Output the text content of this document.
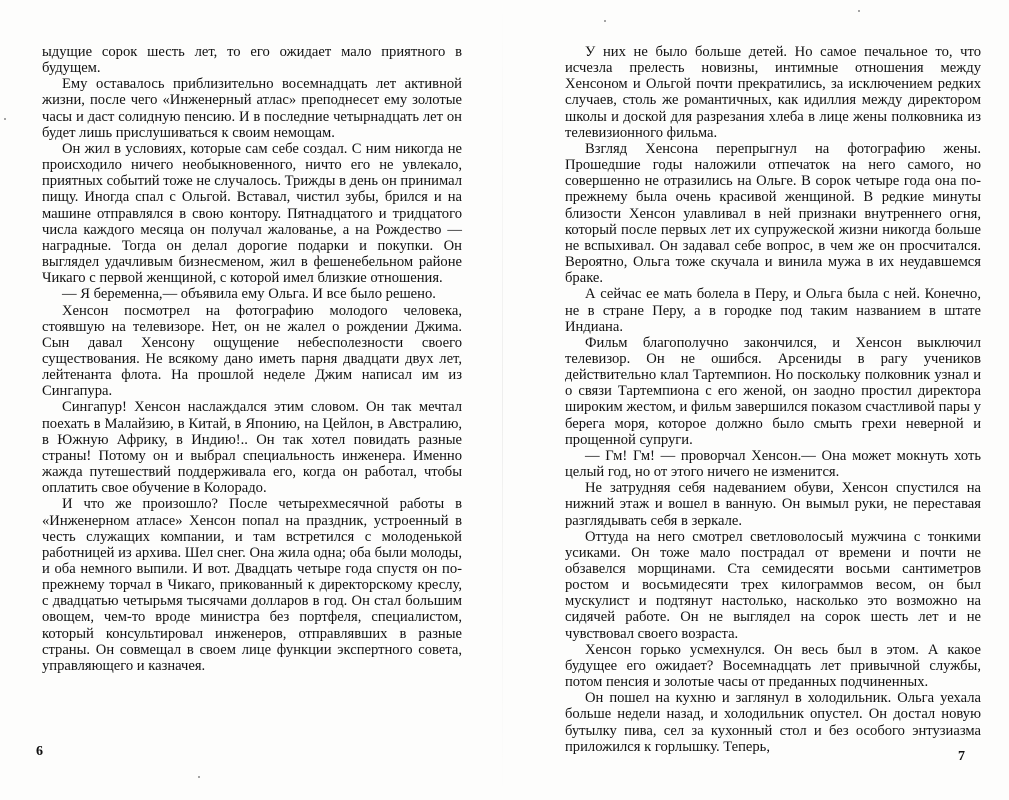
ыдущие сорок шесть лет, то его ожидает мало приятного в будущем.

Ему оставалось приблизительно восемнадцать лет активной жизни, после чего «Инженерный атлас» преподнесет ему золотые часы и даст солидную пенсию. И в последние четырнадцать лет он будет лишь прислушиваться к своим немощам.

Он жил в условиях, которые сам себе создал. С ним никогда не происходило ничего необыкновенного, ничто его не увлекало, приятных событий тоже не случалось. Трижды в день он принимал пищу. Иногда спал с Ольгой. Вставал, чистил зубы, брился и на машине отправлялся в свою контору. Пятнадцатого и тридцатого числа каждого месяца он получал жалованье, а на Рождество — наградные. Тогда он делал дорогие подарки и покупки. Он выглядел удачливым бизнесменом, жил в фешенебельном районе Чикаго с первой женщиной, с которой имел близкие отношения.

— Я беременна,— объявила ему Ольга. И все было решено.

Хенсон посмотрел на фотографию молодого человека, стоявшую на телевизоре. Нет, он не жалел о рождении Джима. Сын давал Хенсону ощущение небесполезности своего существования. Не всякому дано иметь парня двадцати двух лет, лейтенанта флота. На прошлой неделе Джим написал им из Сингапура.

Сингапур! Хенсон наслаждался этим словом. Он так мечтал поехать в Малайзию, в Китай, в Японию, на Цейлон, в Австралию, в Южную Африку, в Индию!.. Он так хотел повидать разные страны! Потому он и выбрал специальность инженера. Именно жажда путешествий поддерживала его, когда он работал, чтобы оплатить свое обучение в Колорадо.

И что же произошло? После четырехмесячной работы в «Инженерном атласе» Хенсон попал на праздник, устроенный в честь служащих компании, и там встретился с молоденькой работницей из архива. Шел снег. Она жила одна; оба были молоды, и оба немного выпили. И вот. Двадцать четыре года спустя он по-прежнему торчал в Чикаго, прикованный к директорскому креслу, с двадцатью четырьмя тысячами долларов в год. Он стал большим овощем, чем-то вроде министра без портфеля, специалистом, который консультировал инженеров, отправлявших в разные страны. Он совмещал в своем лице функции экспертного совета, управляющего и казначея.

6

У них не было больше детей. Но самое печальное то, что исчезла прелесть новизны, интимные отношения между Хенсоном и Ольгой почти прекратились, за исключением редких случаев, столь же романтичных, как идиллия между директором школы и доской для разрезания хлеба в лице жены полковника из телевизионного фильма.

Взгляд Хенсона перепрыгнул на фотографию жены. Прошедшие годы наложили отпечаток на него самого, но совершенно не отразились на Ольге. В сорок четыре года она по-прежнему была очень красивой женщиной. В редкие минуты близости Хенсон улавливал в ней признаки внутреннего огня, который после первых лет их супружеской жизни никогда больше не вспыхивал. Он задавал себе вопрос, в чем же он просчитался. Вероятно, Ольга тоже скучала и винила мужа в их неудавшемся браке.

А сейчас ее мать болела в Перу, и Ольга была с ней. Конечно, не в стране Перу, а в городке под таким названием в штате Индиана.

Фильм благополучно закончился, и Хенсон выключил телевизор. Он не ошибся. Арсениды в рагу учеников действительно клал Тартемпион. Но поскольку полковник узнал и о связи Тартемпиона с его женой, он заодно простил директора широким жестом, и фильм завершился показом счастливой пары у берега моря, которое должно было смыть грехи неверной и прощенной супруги.

— Гм! Гм! — проворчал Хенсон.— Она может мокнуть хоть целый год, но от этого ничего не изменится.

Не затрудняя себя надеванием обуви, Хенсон спустился на нижний этаж и вошел в ванную. Он вымыл руки, не переставая разглядывать себя в зеркале.

Оттуда на него смотрел светловолосый мужчина с тонкими усиками. Он тоже мало пострадал от времени и почти не обзавелся морщинами. Ста семидесяти восьми сантиметров ростом и восьмидесяти трех килограммов весом, он был мускулист и подтянут настолько, насколько это возможно на сидячей работе. Он не выглядел на сорок шесть лет и не чувствовал своего возраста.

Хенсон горько усмехнулся. Он весь был в этом. А какое будущее его ожидает? Восемнадцать лет привычной службы, потом пенсия и золотые часы от преданных подчиненных.

Он пошел на кухню и заглянул в холодильник. Ольга уехала больше недели назад, и холодильник опустел. Он достал новую бутылку пива, сел за кухонный стол и без особого энтузиазма приложился к горлышку. Теперь,

7
